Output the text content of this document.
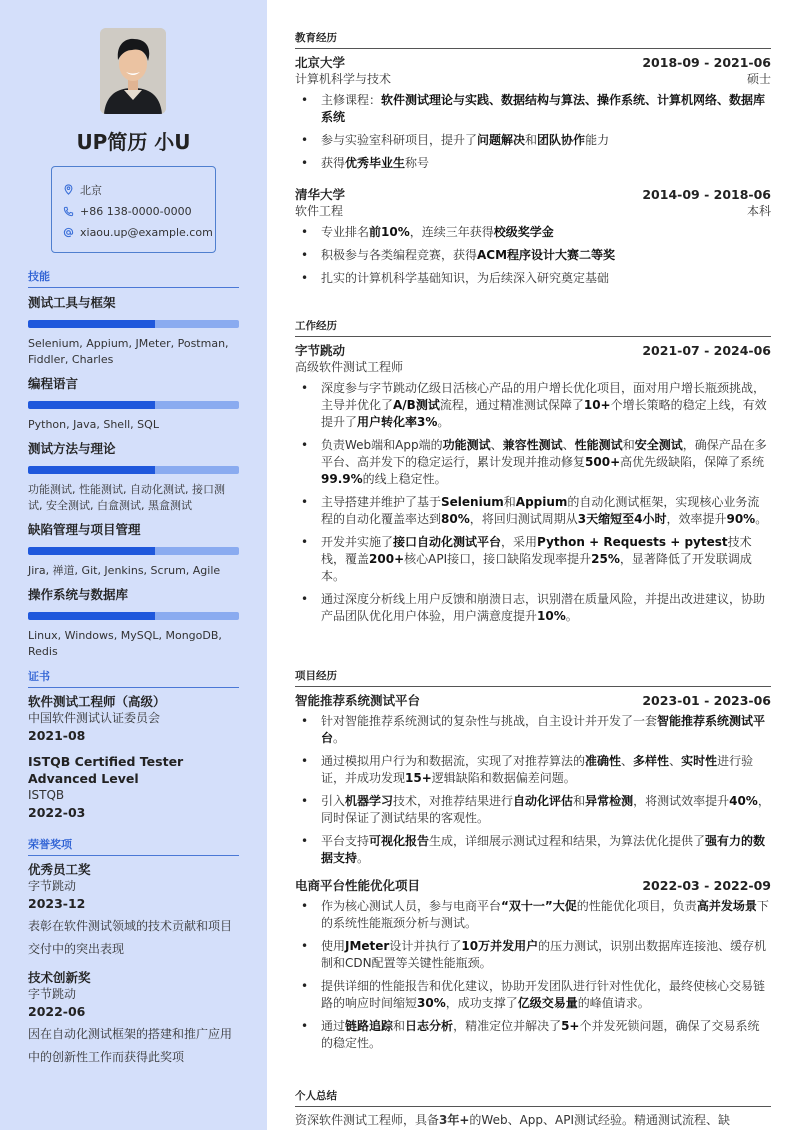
UP简历 小U
北京
+86 138-0000-0000
xiaou.up@example.com
技能
测试工具与框架
Selenium, Appium, JMeter, Postman, Fiddler, Charles
编程语言
Python, Java, Shell, SQL
测试方法与理论
功能测试, 性能测试, 自动化测试, 接口测试, 安全测试, 白盒测试, 黑盒测试
缺陷管理与项目管理
Jira, 禅道, Git, Jenkins, Scrum, Agile
操作系统与数据库
Linux, Windows, MySQL, MongoDB, Redis
证书
软件测试工程师（高级）
中国软件测试认证委员会
2021-08
ISTQB Certified Tester Advanced Level
ISTQB
2022-03
荣誉奖项
优秀员工奖
字节跳动
2023-12
表彰在软件测试领域的技术贡献和项目交付中的突出表现
技术创新奖
字节跳动
2022-06
因在自动化测试框架的搭建和推广应用中的创新性工作而获得此奖项
教育经历
北京大学	2018-09 - 2021-06
计算机科学与技术	硕士
• 主修课程：软件测试理论与实践、数据结构与算法、操作系统、计算机网络、数据库系统
• 参与实验室科研项目，提升了问题解决和团队协作能力
• 获得优秀毕业生称号
清华大学	2014-09 - 2018-06
软件工程	本科
• 专业排名前10%，连续三年获得校级奖学金
• 积极参与各类编程竞赛，获得ACM程序设计大赛二等奖
• 扎实的计算机科学基础知识，为后续深入研究奠定基础
工作经历
字节跳动	2021-07 - 2024-06
高级软件测试工程师
• 深度参与字节跳动亿级日活核心产品的用户增长优化项目，面对用户增长瓶颈挑战，主导并优化了A/B测试流程，通过精准测试保障了10+个增长策略的稳定上线，有效提升了用户转化率3%。
• 负责Web端和App端的功能测试、兼容性测试、性能测试和安全测试，确保产品在多平台、高并发下的稳定运行，累计发现并推动修复500+高优先级缺陷，保障了系统99.9%的线上稳定性。
• 主导搭建并维护了基于Selenium和Appium的自动化测试框架，实现核心业务流程的自动化覆盖率达到80%，将回归测试周期从3天缩短至4小时，效率提升90%。
• 开发并实施了接口自动化测试平台，采用Python + Requests + pytest技术栈，覆盖200+核心API接口，接口缺陷发现率提升25%，显著降低了开发联调成本。
• 通过深度分析线上用户反馈和崩溃日志，识别潜在质量风险，并提出改进建议，协助产品团队优化用户体验，用户满意度提升10%。
项目经历
智能推荐系统测试平台	2023-01 - 2023-06
• 针对智能推荐系统测试的复杂性与挑战，自主设计并开发了一套智能推荐系统测试平台。
• 通过模拟用户行为和数据流，实现了对推荐算法的准确性、多样性、实时性进行验证，并成功发现15+逻辑缺陷和数据偏差问题。
• 引入机器学习技术，对推荐结果进行自动化评估和异常检测，将测试效率提升40%，同时保证了测试结果的客观性。
• 平台支持可视化报告生成，详细展示测试过程和结果，为算法优化提供了强有力的数据支持。
电商平台性能优化项目	2022-03 - 2022-09
• 作为核心测试人员，参与电商平台“双十一”大促的性能优化项目，负责高并发场景下的系统性能瓶颈分析与测试。
• 使用JMeter设计并执行了10万并发用户的压力测试，识别出数据库连接池、缓存机制和CDN配置等关键性能瓶颈。
• 提供详细的性能报告和优化建议，协助开发团队进行针对性优化，最终使核心交易链路的响应时间缩短30%，成功支撑了亿级交易量的峰值请求。
• 通过链路追踪和日志分析，精准定位并解决了5+个并发死锁问题，确保了交易系统的稳定性。
个人总结
资深软件测试工程师，具备3年+的Web、App、API测试经验。精通测试流程、缺
